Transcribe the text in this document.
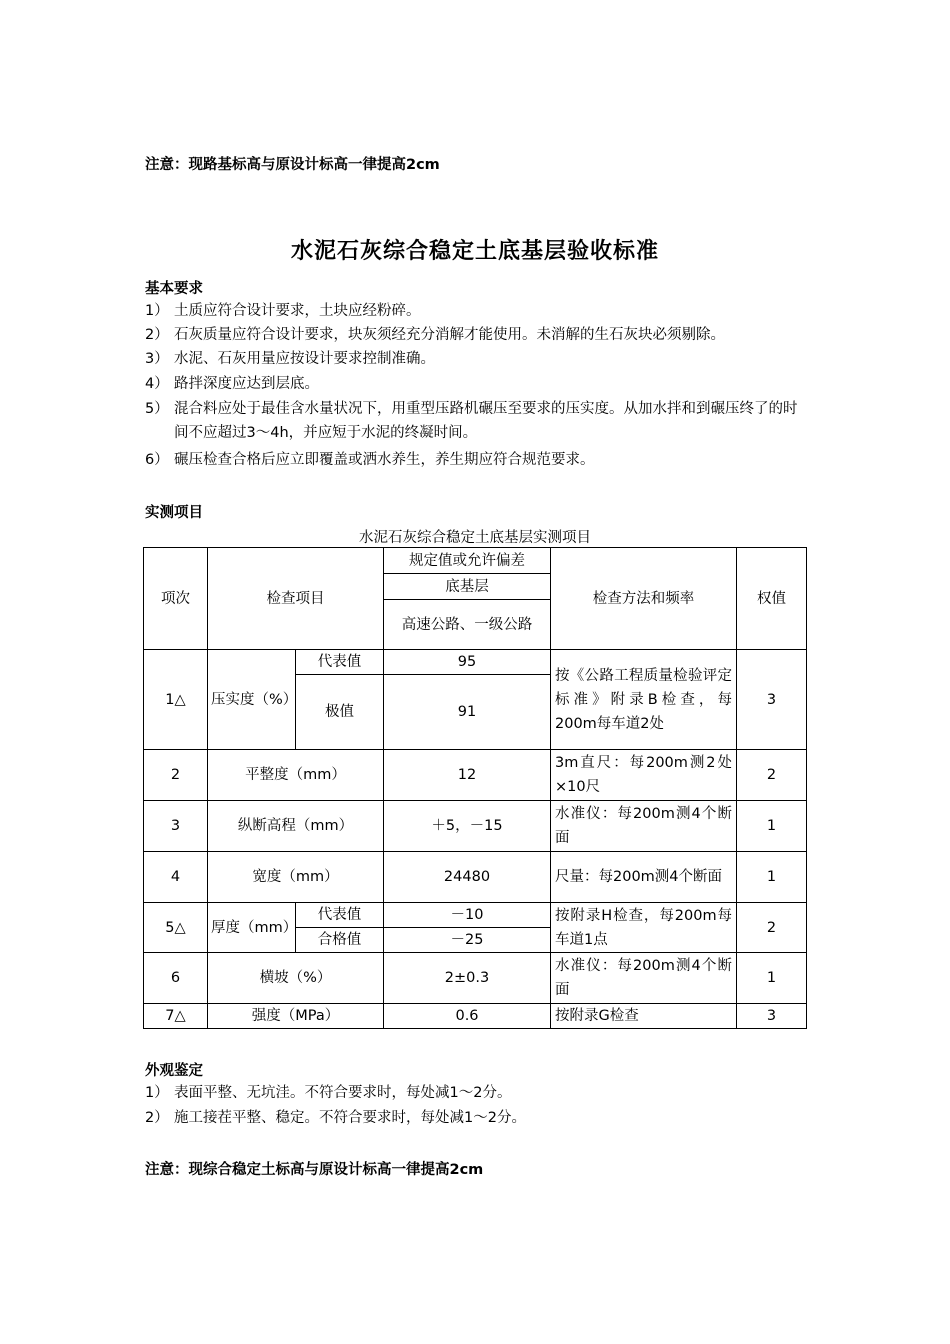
注意：现路基标高与原设计标高一律提高2cm
水泥石灰综合稳定土底基层验收标准
基本要求
1） 土质应符合设计要求，土块应经粉碎。
2） 石灰质量应符合设计要求，块灰须经充分消解才能使用。未消解的生石灰块必须剔除。
3） 水泥、石灰用量应按设计要求控制准确。
4） 路拌深度应达到层底。
5） 混合料应处于最佳含水量状况下，用重型压路机碾压至要求的压实度。从加水拌和到碾压终了的时间不应超过3～4h，并应短于水泥的终凝时间。
6） 碾压检查合格后应立即覆盖或洒水养生，养生期应符合规范要求。
实测项目
水泥石灰综合稳定土底基层实测项目
项次	检查项目		规定值或允许偏差	检查方法和频率	权值
			底基层		
			高速公路、一级公路		
1△	压实度（%）	代表值	95	按《公路工程质量检验评定标准》附录B检查，每200m每车道2处	3
		极值	91		
2	平整度（mm）		12	3m直尺：每200m测2处×10尺	2
3	纵断高程（mm）		＋5，－15	水准仪：每200m测4个断面	1
4	宽度（mm）		24480	尺量：每200m测4个断面	1
5△	厚度（mm）	代表值	－10	按附录H检查，每200m每车道1点	2
		合格值	－25		
6	横坡（%）		2±0.3	水准仪：每200m测4个断面	1
7△	强度（MPa）		0.6	按附录G检查	3
外观鉴定
1） 表面平整、无坑洼。不符合要求时，每处减1～2分。
2） 施工接茬平整、稳定。不符合要求时，每处减1～2分。
注意：现综合稳定土标高与原设计标高一律提高2cm
